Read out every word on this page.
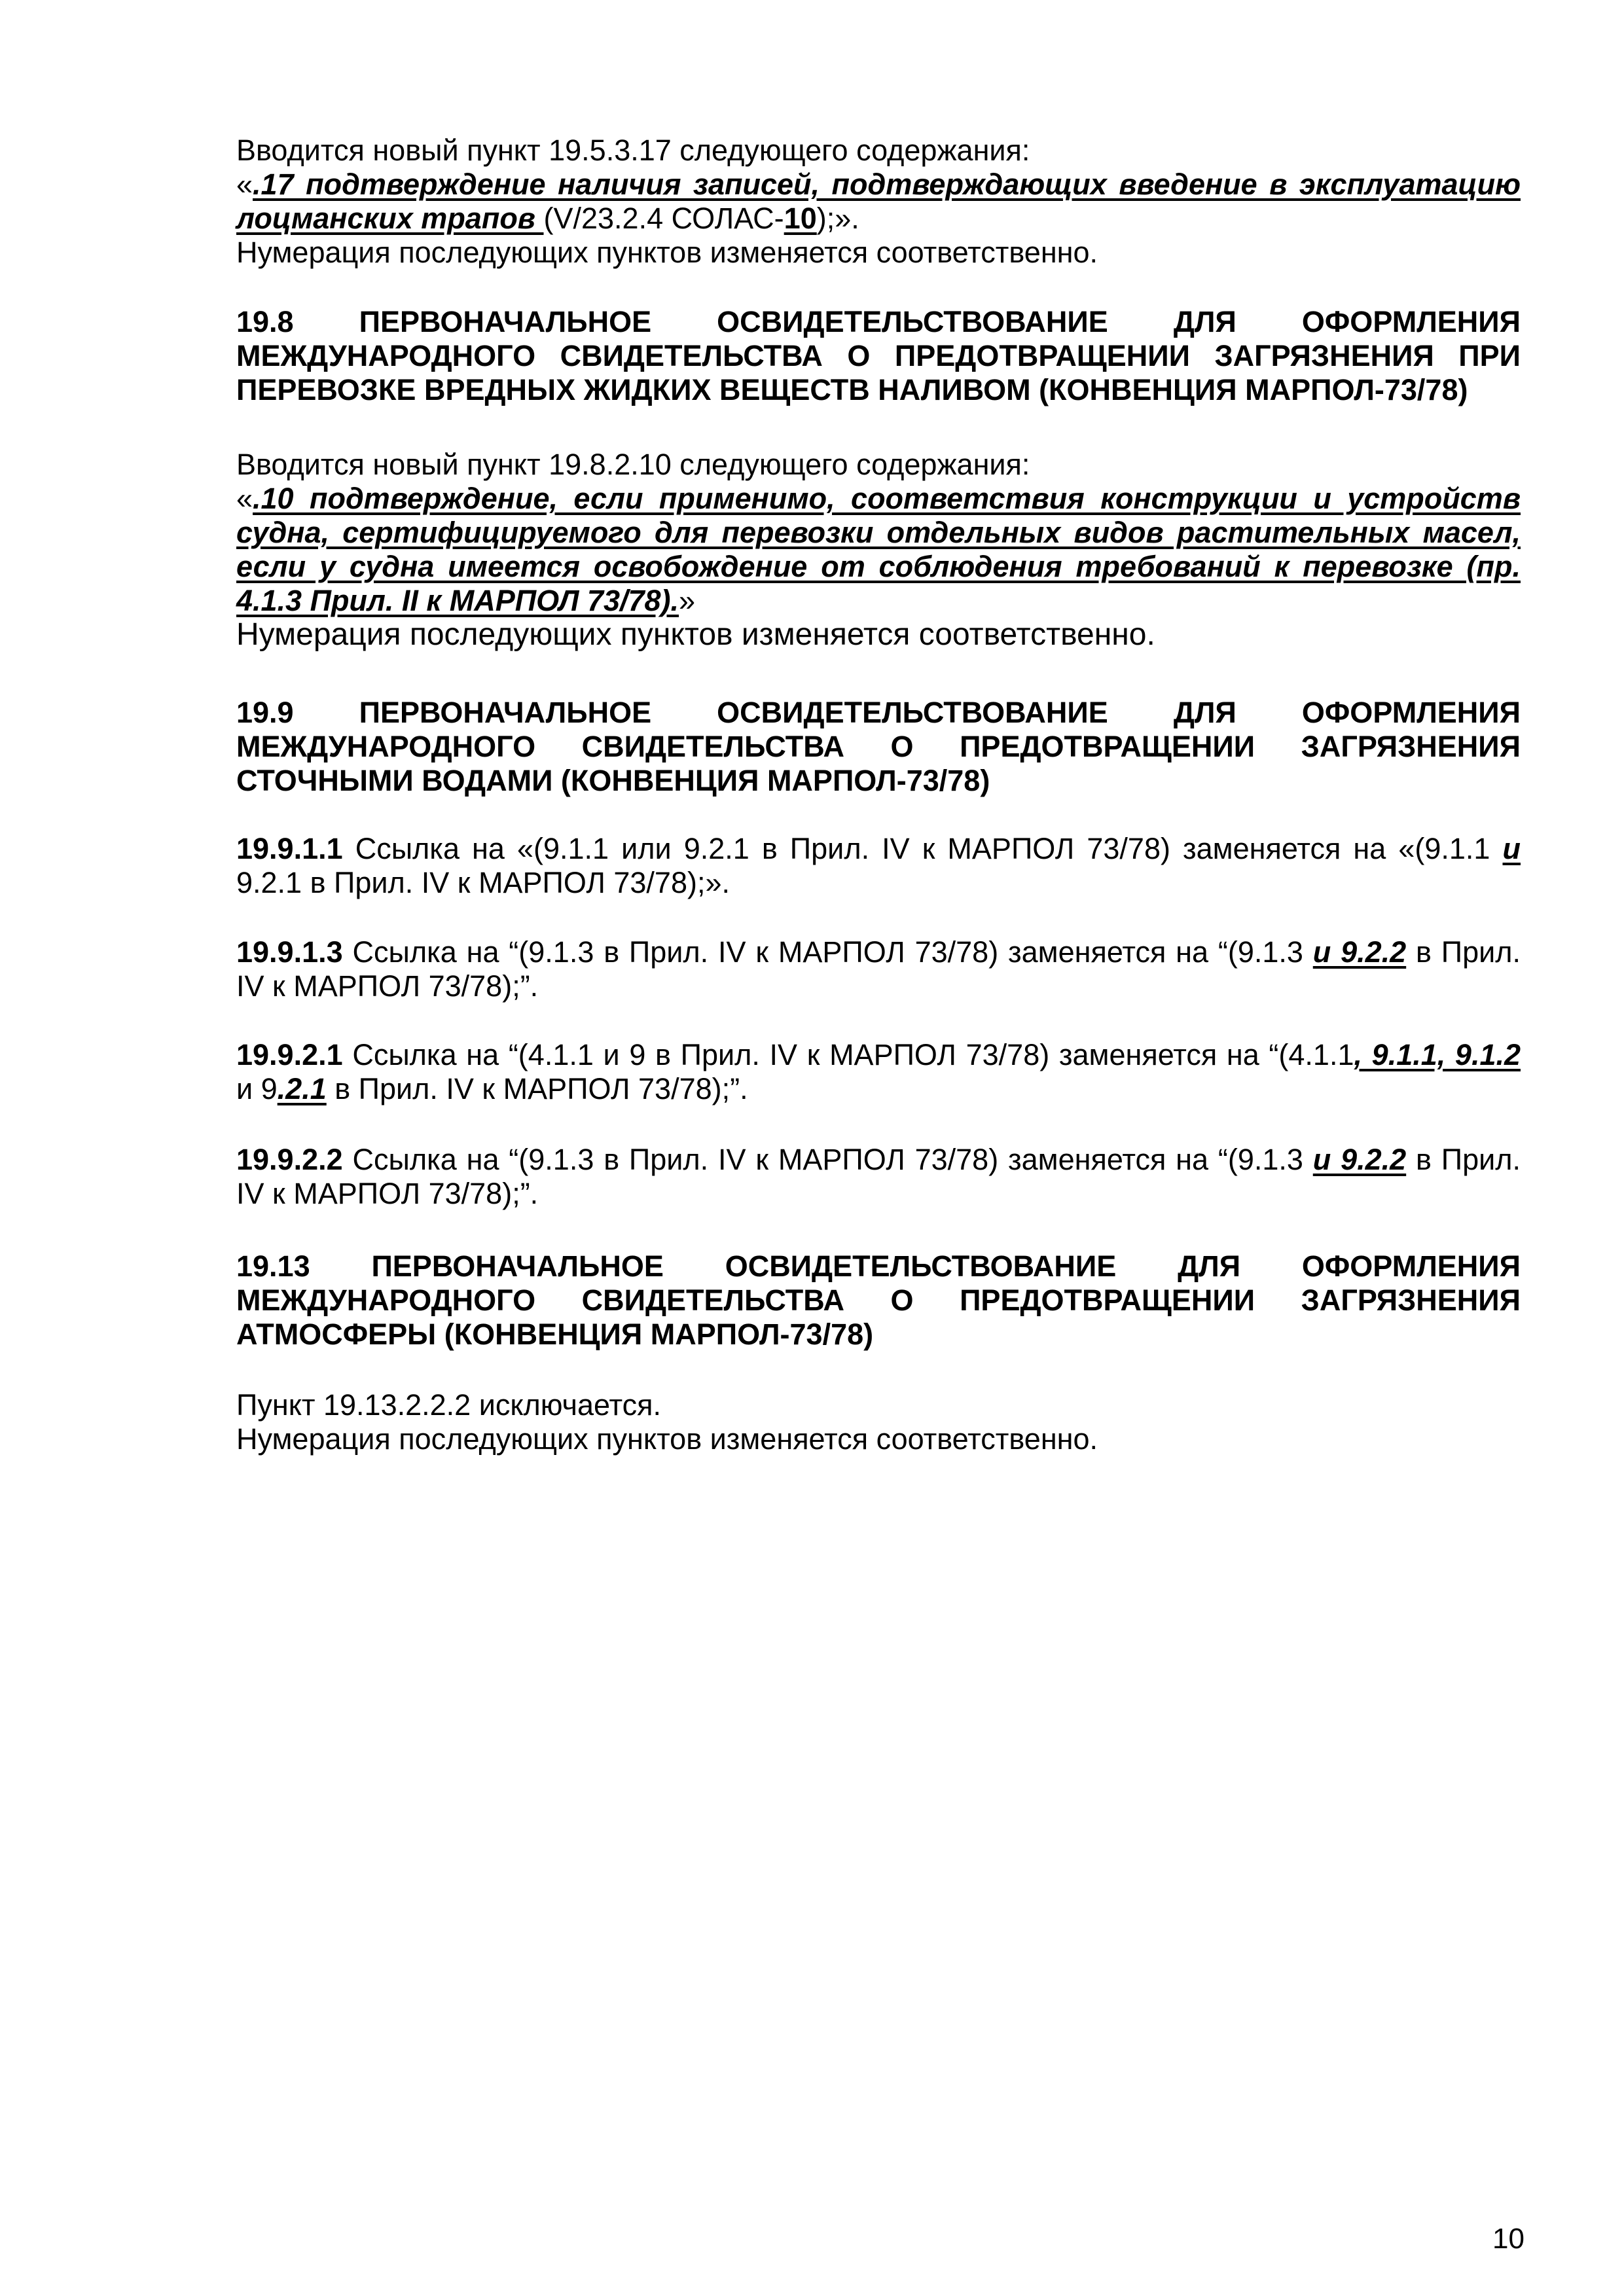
Вводится новый пункт 19.5.3.17 следующего содержания:
«.17 подтверждение наличия записей, подтверждающих введение в эксплуатацию лоцманских трапов (V/23.2.4 СОЛАС-10);».
Нумерация последующих пунктов изменяется соответственно.
19.8 ПЕРВОНАЧАЛЬНОЕ ОСВИДЕТЕЛЬСТВОВАНИЕ ДЛЯ ОФОРМЛЕНИЯ МЕЖДУНАРОДНОГО СВИДЕТЕЛЬСТВА О ПРЕДОТВРАЩЕНИИ ЗАГРЯЗНЕНИЯ ПРИ ПЕРЕВОЗКЕ ВРЕДНЫХ ЖИДКИХ ВЕЩЕСТВ НАЛИВОМ (КОНВЕНЦИЯ МАРПОЛ-73/78)
Вводится новый пункт 19.8.2.10 следующего содержания:
«.10 подтверждение, если применимо, соответствия конструкции и устройств судна, сертифицируемого для перевозки отдельных видов растительных масел, если у судна имеется освобождение от соблюдения требований к перевозке (пр. 4.1.3 Прил. II к МАРПОЛ 73/78).»
Нумерация последующих пунктов изменяется соответственно.
19.9 ПЕРВОНАЧАЛЬНОЕ ОСВИДЕТЕЛЬСТВОВАНИЕ ДЛЯ ОФОРМЛЕНИЯ МЕЖДУНАРОДНОГО СВИДЕТЕЛЬСТВА О ПРЕДОТВРАЩЕНИИ ЗАГРЯЗНЕНИЯ СТОЧНЫМИ ВОДАМИ (КОНВЕНЦИЯ МАРПОЛ-73/78)
19.9.1.1 Ссылка на «(9.1.1 или 9.2.1 в Прил. IV к МАРПОЛ 73/78) заменяется на «(9.1.1 и 9.2.1 в Прил. IV к МАРПОЛ 73/78);».
19.9.1.3 Ссылка на “(9.1.3 в Прил. IV к МАРПОЛ 73/78) заменяется на “(9.1.3 и 9.2.2 в Прил. IV к МАРПОЛ 73/78);”.
19.9.2.1 Ссылка на “(4.1.1 и 9 в Прил. IV к МАРПОЛ 73/78) заменяется на “(4.1.1, 9.1.1, 9.1.2 и 9.2.1 в Прил. IV к МАРПОЛ 73/78);”.
19.9.2.2 Ссылка на “(9.1.3 в Прил. IV к МАРПОЛ 73/78) заменяется на “(9.1.3 и 9.2.2 в Прил. IV к МАРПОЛ 73/78);”.
19.13 ПЕРВОНАЧАЛЬНОЕ ОСВИДЕТЕЛЬСТВОВАНИЕ ДЛЯ ОФОРМЛЕНИЯ МЕЖДУНАРОДНОГО СВИДЕТЕЛЬСТВА О ПРЕДОТВРАЩЕНИИ ЗАГРЯЗНЕНИЯ АТМОСФЕРЫ (КОНВЕНЦИЯ МАРПОЛ-73/78)
Пункт 19.13.2.2.2 исключается.
Нумерация последующих пунктов изменяется соответственно.
10
